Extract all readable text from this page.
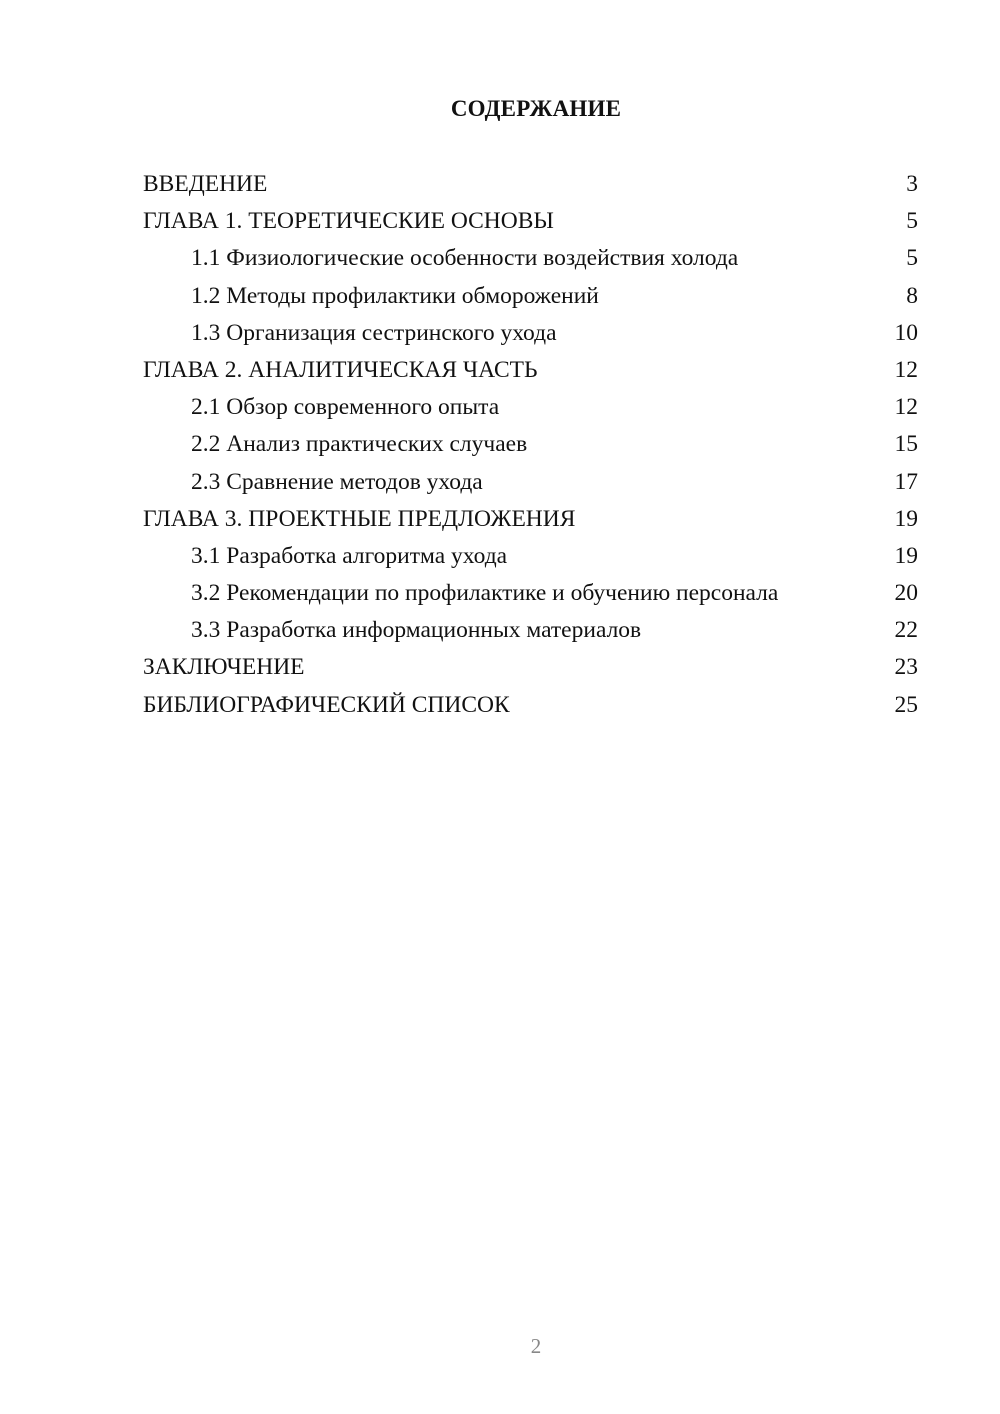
СОДЕРЖАНИЕ
ВВЕДЕНИЕ	3
ГЛАВА 1. ТЕОРЕТИЧЕСКИЕ ОСНОВЫ	5
1.1 Физиологические особенности воздействия холода	5
1.2 Методы профилактики обморожений	8
1.3 Организация сестринского ухода	10
ГЛАВА 2. АНАЛИТИЧЕСКАЯ ЧАСТЬ	12
2.1 Обзор современного опыта	12
2.2 Анализ практических случаев	15
2.3 Сравнение методов ухода	17
ГЛАВА 3. ПРОЕКТНЫЕ ПРЕДЛОЖЕНИЯ	19
3.1 Разработка алгоритма ухода	19
3.2 Рекомендации по профилактике и обучению персонала	20
3.3 Разработка информационных материалов	22
ЗАКЛЮЧЕНИЕ	23
БИБЛИОГРАФИЧЕСКИЙ СПИСОК	25
2
